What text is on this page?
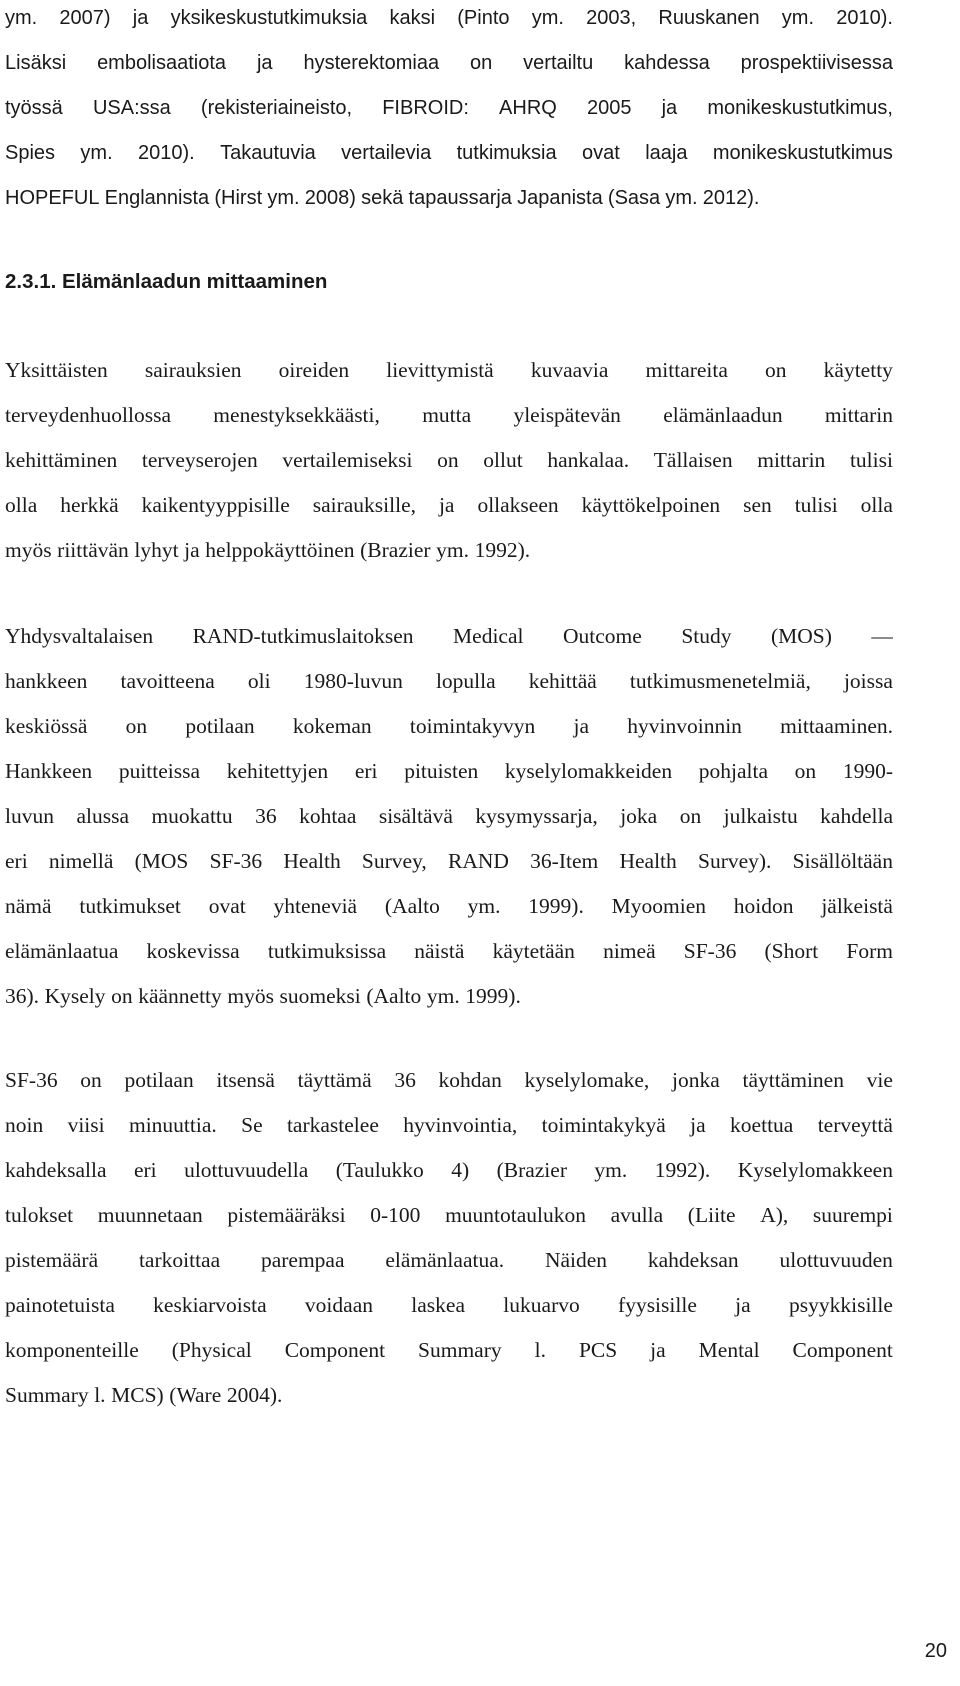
ym. 2007) ja yksikeskustutkimuksia kaksi (Pinto ym. 2003, Ruuskanen ym. 2010).
Lisäksi embolisaatiota ja hysterektomiaa on vertailtu kahdessa prospektiivisessa
työssä USA:ssa (rekisteriaineisto, FIBROID: AHRQ 2005 ja monikeskustutkimus,
Spies ym. 2010). Takautuvia vertailevia tutkimuksia ovat laaja monikeskustutkimus
HOPEFUL Englannista (Hirst ym. 2008) sekä tapaussarja Japanista (Sasa ym. 2012).
2.3.1. Elämänlaadun mittaaminen
Yksittäisten sairauksien oireiden lievittymistä kuvaavia mittareita on käytetty
terveydenhuollossa menestyksekkäästi, mutta yleispätevän elämänlaadun mittarin
kehittäminen terveyserojen vertailemiseksi on ollut hankalaa. Tällaisen mittarin tulisi
olla herkkä kaikentyyppisille sairauksille, ja ollakseen käyttökelpoinen sen tulisi olla
myös riittävän lyhyt ja helppokäyttöinen (Brazier ym. 1992).
Yhdysvaltalaisen RAND-tutkimuslaitoksen Medical Outcome Study (MOS) —
hankkeen tavoitteena oli 1980-luvun lopulla kehittää tutkimusmenetelmiä, joissa
keskiössä on potilaan kokeman toimintakyvyn ja hyvinvoinnin mittaaminen.
Hankkeen puitteissa kehitettyjen eri pituisten kyselylomakkeiden pohjalta on 1990-
luvun alussa muokattu 36 kohtaa sisältävä kysymyssarja, joka on julkaistu kahdella
eri nimellä (MOS SF-36 Health Survey, RAND 36-Item Health Survey). Sisällöltään
nämä tutkimukset ovat yhteneviä (Aalto ym. 1999). Myoomien hoidon jälkeistä
elämänlaatua koskevissa tutkimuksissa näistä käytetään nimeä SF-36 (Short Form
36). Kysely on käännetty myös suomeksi (Aalto ym. 1999).
SF-36 on potilaan itsensä täyttämä 36 kohdan kyselylomake, jonka täyttäminen vie
noin viisi minuuttia. Se tarkastelee hyvinvointia, toimintakykyä ja koettua terveyttä
kahdeksalla eri ulottuvuudella (Taulukko 4) (Brazier ym. 1992). Kyselylomakkeen
tulokset muunnetaan pistemääräksi 0-100 muuntotaulukon avulla (Liite A), suurempi
pistemäärä tarkoittaa parempaa elämänlaatua. Näiden kahdeksan ulottuvuuden
painotetuista keskiarvoista voidaan laskea lukuarvo fyysisille ja psyykkisille
komponenteille (Physical Component Summary l. PCS ja Mental Component
Summary l. MCS) (Ware 2004).
20
